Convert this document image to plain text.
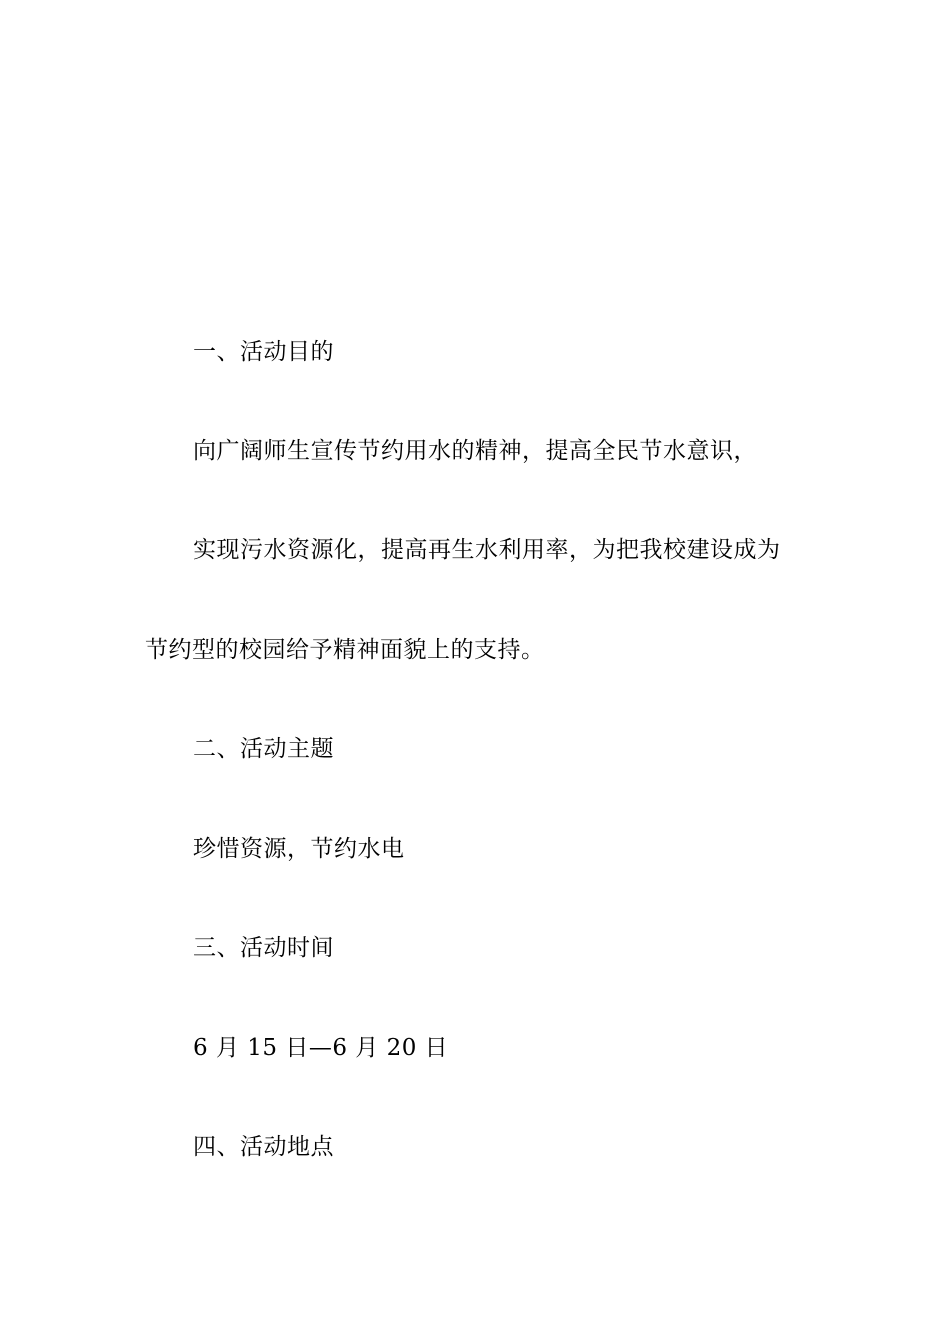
一、活动目的
向广阔师生宣传节约用水的精神，提高全民节水意识，
实现污水资源化，提高再生水利用率，为把我校建设成为
节约型的校园给予精神面貌上的支持。
二、活动主题
珍惜资源，节约水电
三、活动时间
6 月 15 日—6 月 20 日
四、活动地点
